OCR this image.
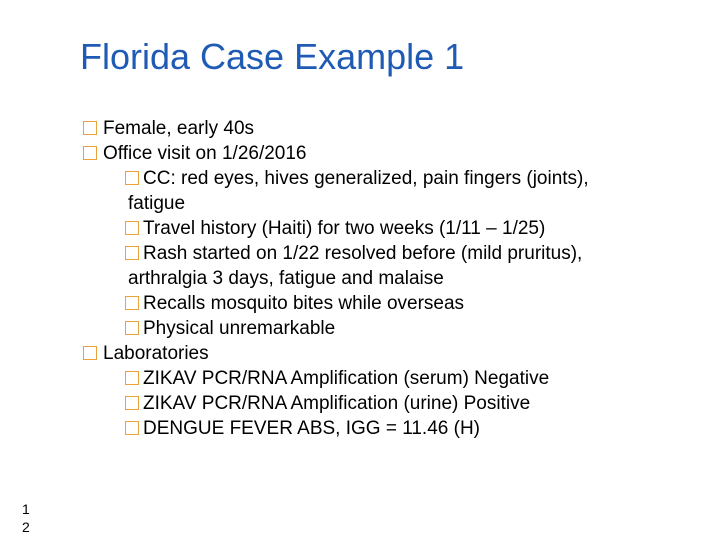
Florida Case Example 1
Female, early 40s
Office visit on 1/26/2016
CC: red eyes, hives generalized, pain fingers (joints),
fatigue
Travel history (Haiti) for two weeks (1/11 – 1/25)
Rash started on 1/22 resolved before (mild pruritus),
arthralgia 3 days, fatigue and malaise
Recalls mosquito bites while overseas
Physical unremarkable
Laboratories
ZIKAV PCR/RNA Amplification (serum) Negative
ZIKAV PCR/RNA Amplification (urine) Positive
DENGUE FEVER ABS, IGG = 11.46 (H)
1
2
